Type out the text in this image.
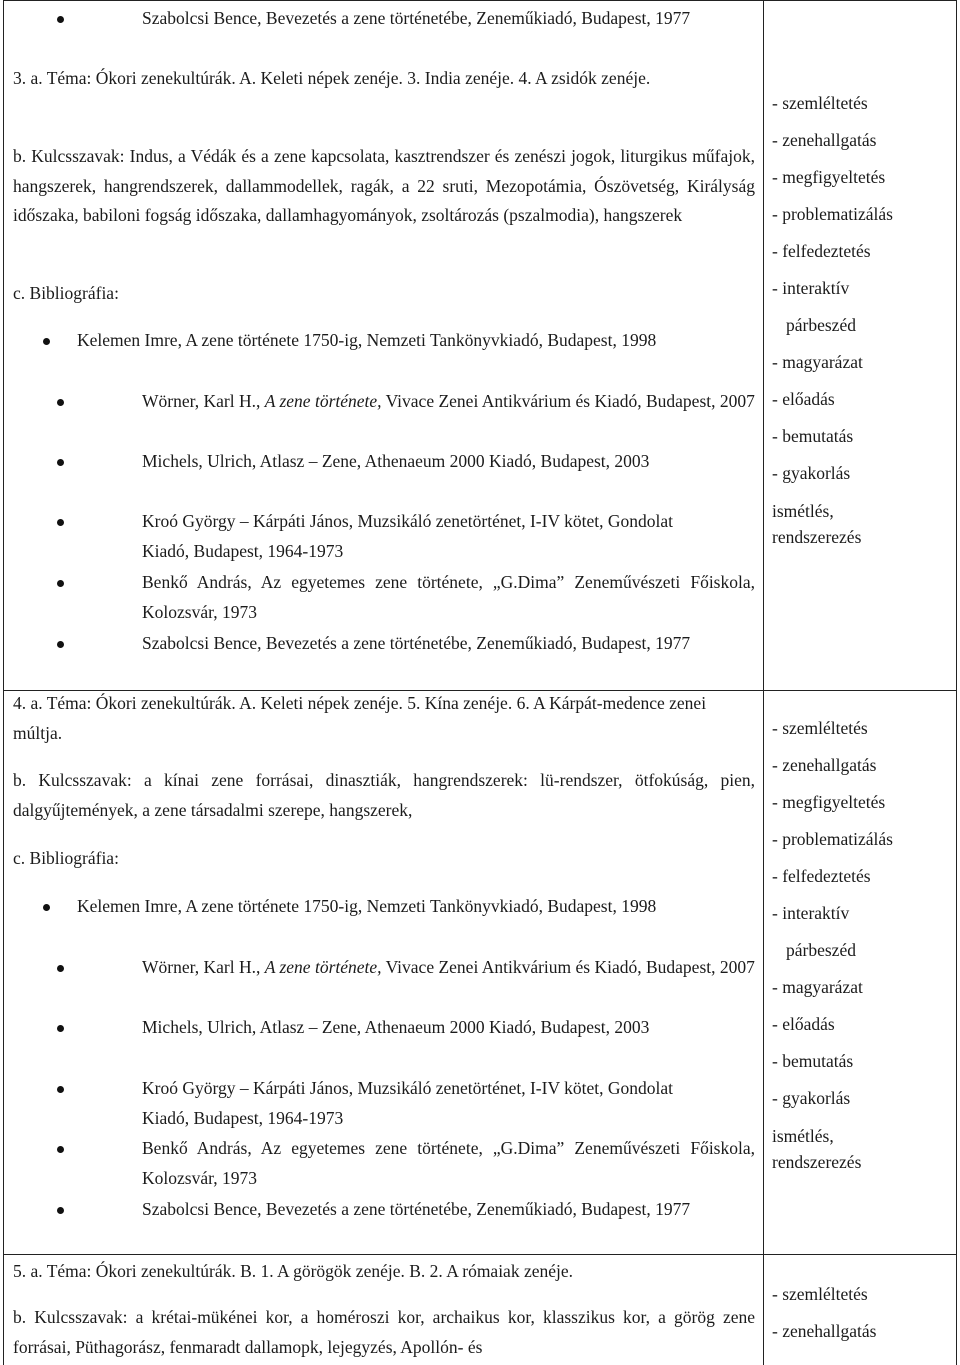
Szabolcsi Bence, Bevezetés a zene történetébe, Zeneműkiadó, Budapest, 1977
3. a. Téma: Ókori zenekultúrák. A. Keleti népek zenéje. 3. India zenéje. 4. A zsidók zenéje.
b. Kulcsszavak: Indus, a Védák és a zene kapcsolata, kasztrendszer és zenészi jogok, liturgikus műfajok, hangszerek, hangrendszerek, dallammodellek, ragák, a 22 sruti, Mezopotámia, Ószövetség, Királyság időszaka, babiloni fogság időszaka, dallamhagyományok, zsoltározás (pszalmodia), hangszerek
c. Bibliográfia:
Kelemen Imre, A zene története 1750-ig, Nemzeti Tankönyvkiadó, Budapest, 1998
Wörner, Karl H., A zene története, Vivace Zenei Antikvárium és Kiadó, Budapest, 2007
Michels, Ulrich, Atlasz – Zene, Athenaeum 2000 Kiadó, Budapest, 2003
Kroó György – Kárpáti János, Muzsikáló zenetörténet, I-IV kötet, Gondolat Kiadó, Budapest, 1964-1973
Benkő András, Az egyetemes zene története, „G.Dima” Zeneművészeti Főiskola, Kolozsvár, 1973
Szabolcsi Bence, Bevezetés a zene történetébe, Zeneműkiadó, Budapest, 1977
- szemléltetés
- zenehallgatás
- megfigyeltetés
- problematizálás
- felfedeztetés
- interaktív
párbeszéd
- magyarázat
- előadás
- bemutatás
- gyakorlás
ismétlés,
rendszerezés
4. a. Téma: Ókori zenekultúrák. A. Keleti népek zenéje. 5. Kína zenéje. 6. A Kárpát-medence zenei múltja.
b. Kulcsszavak: a kínai zene forrásai, dinasztiák, hangrendszerek: lü-rendszer, ötfokúság, pien, dalgyűjtemények, a zene társadalmi szerepe, hangszerek,
c. Bibliográfia:
Kelemen Imre, A zene története 1750-ig, Nemzeti Tankönyvkiadó, Budapest, 1998
Wörner, Karl H., A zene története, Vivace Zenei Antikvárium és Kiadó, Budapest, 2007
Michels, Ulrich, Atlasz – Zene, Athenaeum 2000 Kiadó, Budapest, 2003
Kroó György – Kárpáti János, Muzsikáló zenetörténet, I-IV kötet, Gondolat Kiadó, Budapest, 1964-1973
Benkő András, Az egyetemes zene története, „G.Dima” Zeneművészeti Főiskola, Kolozsvár, 1973
Szabolcsi Bence, Bevezetés a zene történetébe, Zeneműkiadó, Budapest, 1977
- szemléltetés
- zenehallgatás
- megfigyeltetés
- problematizálás
- felfedeztetés
- interaktív
párbeszéd
- magyarázat
- előadás
- bemutatás
- gyakorlás
ismétlés,
rendszerezés
5. a. Téma: Ókori zenekultúrák. B. 1. A görögök zenéje. B. 2. A rómaiak zenéje.
b. Kulcsszavak: a krétai-mükénei kor, a homéroszi kor, archaikus kor, klasszikus kor, a görög zene forrásai, Püthagorász, fenmaradt dallamopk, lejegyzés, Apollón- és
- szemléltetés
- zenehallgatás
